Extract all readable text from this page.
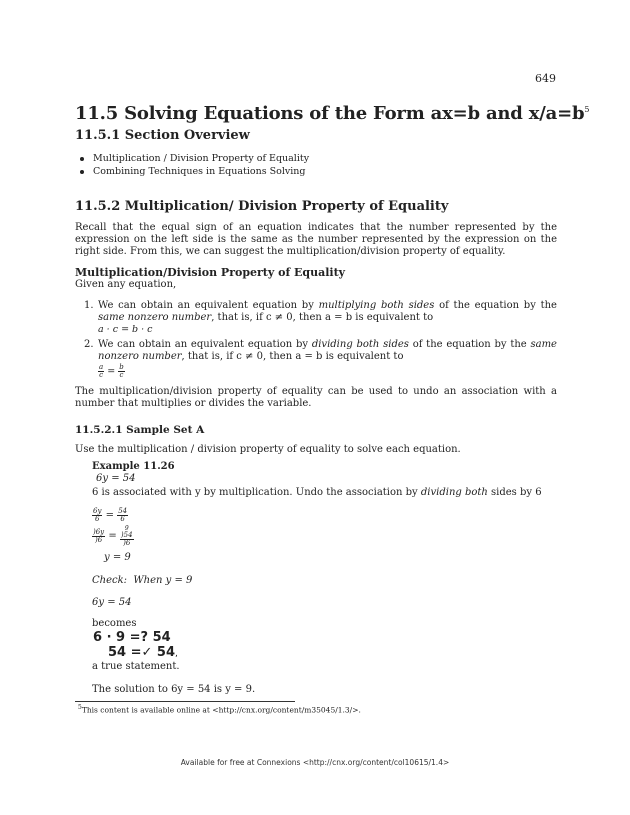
649
11.5 Solving Equations of the Form ax=b and $x/a=b^5$
11.5.1 Section Overview
Multiplication / Division Property of Equality
Combining Techniques in Equations Solving
11.5.2 Multiplication/ Division Property of Equality
Recall that the equal sign of an equation indicates that the number represented by the expression on the left side is the same as the number represented by the expression on the right side. From this, we can suggest the multiplication/division property of equality.
Multiplication/Division Property of Equality
Given any equation,
1. We can obtain an equivalent equation by multiplying both sides of the equation by the same nonzero number, that is, if c ≠ 0, then a = b is equivalent to
a · c = b · c
2. We can obtain an equivalent equation by dividing both sides of the equation by the same nonzero number, that is, if c ≠ 0, then a = b is equivalent to
$\frac{a}{c} = \frac{b}{c}$
The multiplication/division property of equality can be used to undo an association with a number that multiplies or divides the variable.
11.5.2.1 Sample Set A
Use the multiplication / division property of equality to solve each equation.
Example 11.26
6y = 54
6 is associated with y by multiplication. Undo the association by dividing both sides by 6
$\frac{6y}{6} = \frac{54}{6}$
$\frac{)6y}{)6}$ =
9
)54
)6
y = 9
Check: When y = 9
6y = 54
becomes
6 · 9 =? 54
54 =✓ 54,
a true statement.
The solution to 6y = 54 is y = 9.
$^5$This content is available online at <http://cnx.org/content/m35045/1.3/>.
Available for free at Connexions <http://cnx.org/content/col10615/1.4>
